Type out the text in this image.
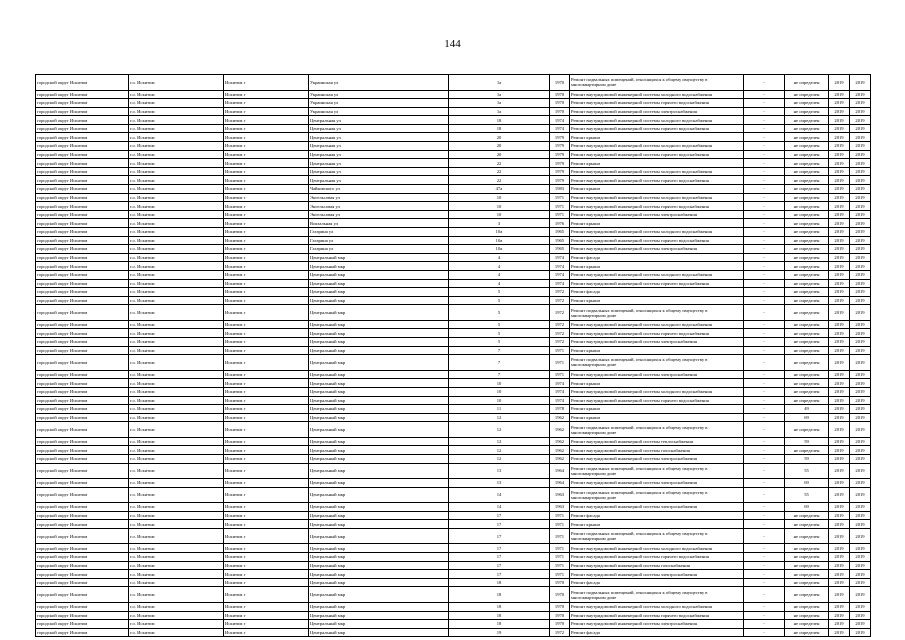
144
городской округ Искитим	г.о. Искитим	Искитим г	Украинская ул	1а	1970	Ремонт подвальных помещений, относящихся к общему имуществу в многоквартирном доме	-	не определен	2019	2019
городской округ Искитим	г.о. Искитим	Искитим г	Украинская ул	1а	1970	Ремонт внутридомовой инженерной системы холодного водоснабжения	-	не определен	2019	2019
городской округ Искитим	г.о. Искитим	Искитим г	Украинская ул	1а	1970	Ремонт внутридомовой инженерной системы горячего водоснабжения	-	не определен	2019	2019
городской округ Искитим	г.о. Искитим	Искитим г	Украинская ул	1а	1970	Ремонт внутридомовой инженерной системы электроснабжения	-	не определен	2019	2019
городской округ Искитим	г.о. Искитим	Искитим г	Центральная ул	18	1974	Ремонт внутридомовой инженерной системы холодного водоснабжения	-	не определен	2019	2019
городской округ Искитим	г.о. Искитим	Искитим г	Центральная ул	18	1974	Ремонт внутридомовой инженерной системы горячего водоснабжения	-	не определен	2019	2019
городской округ Искитим	г.о. Искитим	Искитим г	Центральная ул	20	1979	Ремонт крыши	-	не определен	2019	2019
городской округ Искитим	г.о. Искитим	Искитим г	Центральная ул	20	1979	Ремонт внутридомовой инженерной системы холодного водоснабжения	-	не определен	2019	2019
городской округ Искитим	г.о. Искитим	Искитим г	Центральная ул	20	1979	Ремонт внутридомовой инженерной системы горячего водоснабжения	-	не определен	2019	2019
городской округ Искитим	г.о. Искитим	Искитим г	Центральная ул	22	1979	Ремонт крыши	-	не определен	2019	2019
городской округ Искитим	г.о. Искитим	Искитим г	Центральная ул	22	1979	Ремонт внутридомовой инженерной системы холодного водоснабжения	-	не определен	2019	2019
городской округ Искитим	г.о. Искитим	Искитим г	Центральная ул	22	1979	Ремонт внутридомовой инженерной системы горячего водоснабжения	-	не определен	2019	2019
городской округ Искитим	г.о. Искитим	Искитим г	Чайковского ул	47а	1983	Ремонт крыши	-	не определен	2019	2019
городской округ Искитим	г.о. Искитим	Искитим г	Энгельсовая ул	10	1971	Ремонт внутридомовой инженерной системы холодного водоснабжения	-	не определен	2019	2019
городской округ Искитим	г.о. Искитим	Искитим г	Энгельсовая ул	10	1971	Ремонт внутридомовой инженерной системы горячего водоснабжения	-	не определен	2019	2019
городской округ Искитим	г.о. Искитим	Искитим г	Энгельсовая ул	10	1971	Ремонт внутридомовой инженерной системы электроснабжения	-	не определен	2019	2019
городской округ Искитим	г.о. Искитим	Искитим г	Вокзальная ул	3	1976	Ремонт крыши	-	не определен	2019	2019
городской округ Искитим	г.о. Искитим	Искитим г	Гагарина ул	10а	1965	Ремонт внутридомовой инженерной системы холодного водоснабжения	-	не определен	2019	2019
городской округ Искитим	г.о. Искитим	Искитим г	Гагарина ул	10а	1965	Ремонт внутридомовой инженерной системы горячего водоснабжения	-	не определен	2019	2019
городской округ Искитим	г.о. Искитим	Искитим г	Гагарина ул	10а	1965	Ремонт внутридомовой инженерной системы электроснабжения	-	не определен	2019	2019
городской округ Искитим	г.о. Искитим	Искитим г	Центральный мкр	4	1974	Ремонт фасада	-	не определен	2019	2019
городской округ Искитим	г.о. Искитим	Искитим г	Центральный мкр	4	1974	Ремонт крыши	-	не определен	2019	2019
городской округ Искитим	г.о. Искитим	Искитим г	Центральный мкр	4	1974	Ремонт внутридомовой инженерной системы холодного водоснабжения	-	не определен	2019	2019
городской округ Искитим	г.о. Искитим	Искитим г	Центральный мкр	4	1974	Ремонт внутридомовой инженерной системы горячего водоснабжения	-	не определен	2019	2019
городской округ Искитим	г.о. Искитим	Искитим г	Центральный мкр	5	1972	Ремонт фасада	-	не определен	2019	2019
городской округ Искитим	г.о. Искитим	Искитим г	Центральный мкр	5	1972	Ремонт крыши	-	не определен	2019	2019
городской округ Искитим	г.о. Искитим	Искитим г	Центральный мкр	5	1972	Ремонт подвальных помещений, относящихся к общему имуществу в многоквартирном доме	-	не определен	2019	2019
городской округ Искитим	г.о. Искитим	Искитим г	Центральный мкр	5	1972	Ремонт внутридомовой инженерной системы холодного водоснабжения	-	не определен	2019	2019
городской округ Искитим	г.о. Искитим	Искитим г	Центральный мкр	5	1972	Ремонт внутридомовой инженерной системы горячего водоснабжения	-	не определен	2019	2019
городской округ Искитим	г.о. Искитим	Искитим г	Центральный мкр	5	1972	Ремонт внутридомовой инженерной системы электроснабжения	-	не определен	2019	2019
городской округ Искитим	г.о. Искитим	Искитим г	Центральный мкр	7	1971	Ремонт крыши	-	не определен	2019	2019
городской округ Искитим	г.о. Искитим	Искитим г	Центральный мкр	7	1971	Ремонт подвальных помещений, относящихся к общему имуществу в многоквартирном доме	-	не определен	2019	2019
городской округ Искитим	г.о. Искитим	Искитим г	Центральный мкр	7	1971	Ремонт внутридомовой инженерной системы электроснабжения	-	не определен	2019	2019
городской округ Искитим	г.о. Искитим	Искитим г	Центральный мкр	10	1974	Ремонт крыши	-	не определен	2019	2019
городской округ Искитим	г.о. Искитим	Искитим г	Центральный мкр	10	1974	Ремонт внутридомовой инженерной системы холодного водоснабжения	-	не определен	2019	2019
городской округ Искитим	г.о. Искитим	Искитим г	Центральный мкр	10	1974	Ремонт внутридомовой инженерной системы горячего водоснабжения	-	не определен	2019	2019
городской округ Искитим	г.о. Искитим	Искитим г	Центральный мкр	11	1978	Ремонт крыши	-	49	2019	2019
городской округ Искитим	г.о. Искитим	Искитим г	Центральный мкр	12	1962	Ремонт крыши	-	69	2019	2019
городской округ Искитим	г.о. Искитим	Искитим г	Центральный мкр	12	1962	Ремонт подвальных помещений, относящихся к общему имуществу в многоквартирном доме	-	не определен	2019	2019
городской округ Искитим	г.о. Искитим	Искитим г	Центральный мкр	12	1962	Ремонт внутридомовой инженерной системы теплоснабжения	-	59	2019	2019
городской округ Искитим	г.о. Искитим	Искитим г	Центральный мкр	12	1962	Ремонт внутридомовой инженерной системы газоснабжения	-	не определен	2019	2019
городской округ Искитим	г.о. Искитим	Искитим г	Центральный мкр	12	1962	Ремонт внутридомовой инженерной системы электроснабжения	-	59	2019	2019
городской округ Искитим	г.о. Искитим	Искитим г	Центральный мкр	13	1964	Ремонт подвальных помещений, относящихся к общему имуществу в многоквартирном доме	-	55	2019	2019
городской округ Искитим	г.о. Искитим	Искитим г	Центральный мкр	13	1964	Ремонт внутридомовой инженерной системы электроснабжения	-	69	2019	2019
городской округ Искитим	г.о. Искитим	Искитим г	Центральный мкр	14	1963	Ремонт подвальных помещений, относящихся к общему имуществу в многоквартирном доме	-	55	2019	2019
городской округ Искитим	г.о. Искитим	Искитим г	Центральный мкр	14	1963	Ремонт внутридомовой инженерной системы электроснабжения	-	69	2019	2019
городской округ Искитим	г.о. Искитим	Искитим г	Центральный мкр	17	1971	Ремонт фасада	-	не определен	2019	2019
городской округ Искитим	г.о. Искитим	Искитим г	Центральный мкр	17	1971	Ремонт крыши	-	не определен	2019	2019
городской округ Искитим	г.о. Искитим	Искитим г	Центральный мкр	17	1971	Ремонт подвальных помещений, относящихся к общему имуществу в многоквартирном доме	-	не определен	2019	2019
городской округ Искитим	г.о. Искитим	Искитим г	Центральный мкр	17	1971	Ремонт внутридомовой инженерной системы холодного водоснабжения	-	не определен	2019	2019
городской округ Искитим	г.о. Искитим	Искитим г	Центральный мкр	17	1971	Ремонт внутридомовой инженерной системы горячего водоснабжения	-	не определен	2019	2019
городской округ Искитим	г.о. Искитим	Искитим г	Центральный мкр	17	1971	Ремонт внутридомовой инженерной системы газоснабжения	-	не определен	2019	2019
городской округ Искитим	г.о. Искитим	Искитим г	Центральный мкр	17	1971	Ремонт внутридомовой инженерной системы электроснабжения	-	не определен	2019	2019
городской округ Искитим	г.о. Искитим	Искитим г	Центральный мкр	18	1970	Ремонт фасада	-	не определен	2019	2019
городской округ Искитим	г.о. Искитим	Искитим г	Центральный мкр	18	1970	Ремонт подвальных помещений, относящихся к общему имуществу в многоквартирном доме	-	не определен	2019	2019
городской округ Искитим	г.о. Искитим	Искитим г	Центральный мкр	18	1970	Ремонт внутридомовой инженерной системы холодного водоснабжения	-	не определен	2019	2019
городской округ Искитим	г.о. Искитим	Искитим г	Центральный мкр	18	1970	Ремонт внутридомовой инженерной системы горячего водоснабжения	-	не определен	2019	2019
городской округ Искитим	г.о. Искитим	Искитим г	Центральный мкр	18	1970	Ремонт внутридомовой инженерной системы электроснабжения	-	не определен	2019	2019
городской округ Искитим	г.о. Искитим	Искитим г	Центральный мкр	19	1972	Ремонт фасада	-	не определен	2019	2019
